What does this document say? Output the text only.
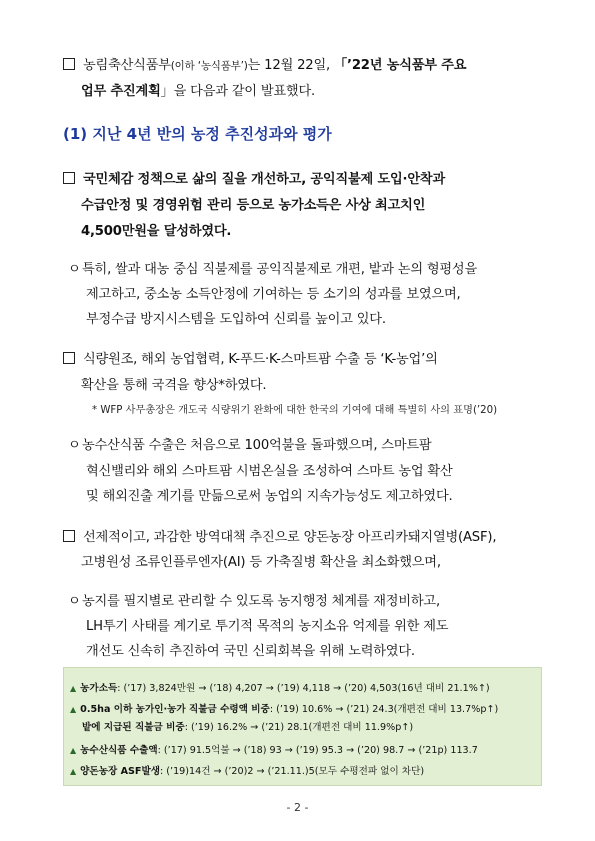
농림축산식품부(이하 ‘농식품부’)는 12월 22일, 「’22년 농식품부 주요
업무 추진계획」을 다음과 같이 발표했다.
(1) 지난 4년 반의 농정 추진성과와 평가
국민체감 정책으로 삶의 질을 개선하고, 공익직불제 도입·안착과
수급안정 및 경영위험 관리 등으로 농가소득은 사상 최고치인
4,500만원을 달성하였다.
ㅇ특히, 쌀과 대농 중심 직불제를 공익직불제로 개편, 밭과 논의 형평성을
제고하고, 중소농 소득안정에 기여하는 등 소기의 성과를 보였으며,
부정수급 방지시스템을 도입하여 신뢰를 높이고 있다.
식량원조, 해외 농업협력, K-푸드·K-스마트팜 수출 등 ‘K-농업’의
확산을 통해 국격을 향상*하였다.
* WFP 사무총장은 개도국 식량위기 완화에 대한 한국의 기여에 대해 특별히 사의 표명(’20)
ㅇ농수산식품 수출은 처음으로 100억불을 돌파했으며, 스마트팜
혁신밸리와 해외 스마트팜 시범온실을 조성하여 스마트 농업 확산
및 해외진출 계기를 만듦으로써 농업의 지속가능성도 제고하였다.
선제적이고, 과감한 방역대책 추진으로 양돈농장 아프리카돼지열병(ASF),
고병원성 조류인플루엔자(AI) 등 가축질병 확산을 최소화했으며,
ㅇ농지를 필지별로 관리할 수 있도록 농지행정 체계를 재정비하고,
LH투기 사태를 계기로 투기적 목적의 농지소유 억제를 위한 제도
개선도 신속히 추진하여 국민 신뢰회복을 위해 노력하였다.
▲ 농가소득: (’17) 3,824만원 → (’18) 4,207 → (’19) 4,118 → (’20) 4,503(16년 대비 21.1%↑)
▲ 0.5ha 이하 농가인·농가 직불금 수령액 비중: (’19) 10.6% → (’21) 24.3(개편전 대비 13.7%p↑)
밭에 지급된 직불금 비중: (’19) 16.2% → (’21) 28.1(개편전 대비 11.9%p↑)
▲ 농수산식품 수출액: (’17) 91.5억불 → (’18) 93 → (’19) 95.3 → (’20) 98.7 → (’21p) 113.7
▲ 양돈농장 ASF발생: (’19)14건 → (’20)2 → (’21.11.)5(모두 수평전파 없이 차단)
- 2 -
